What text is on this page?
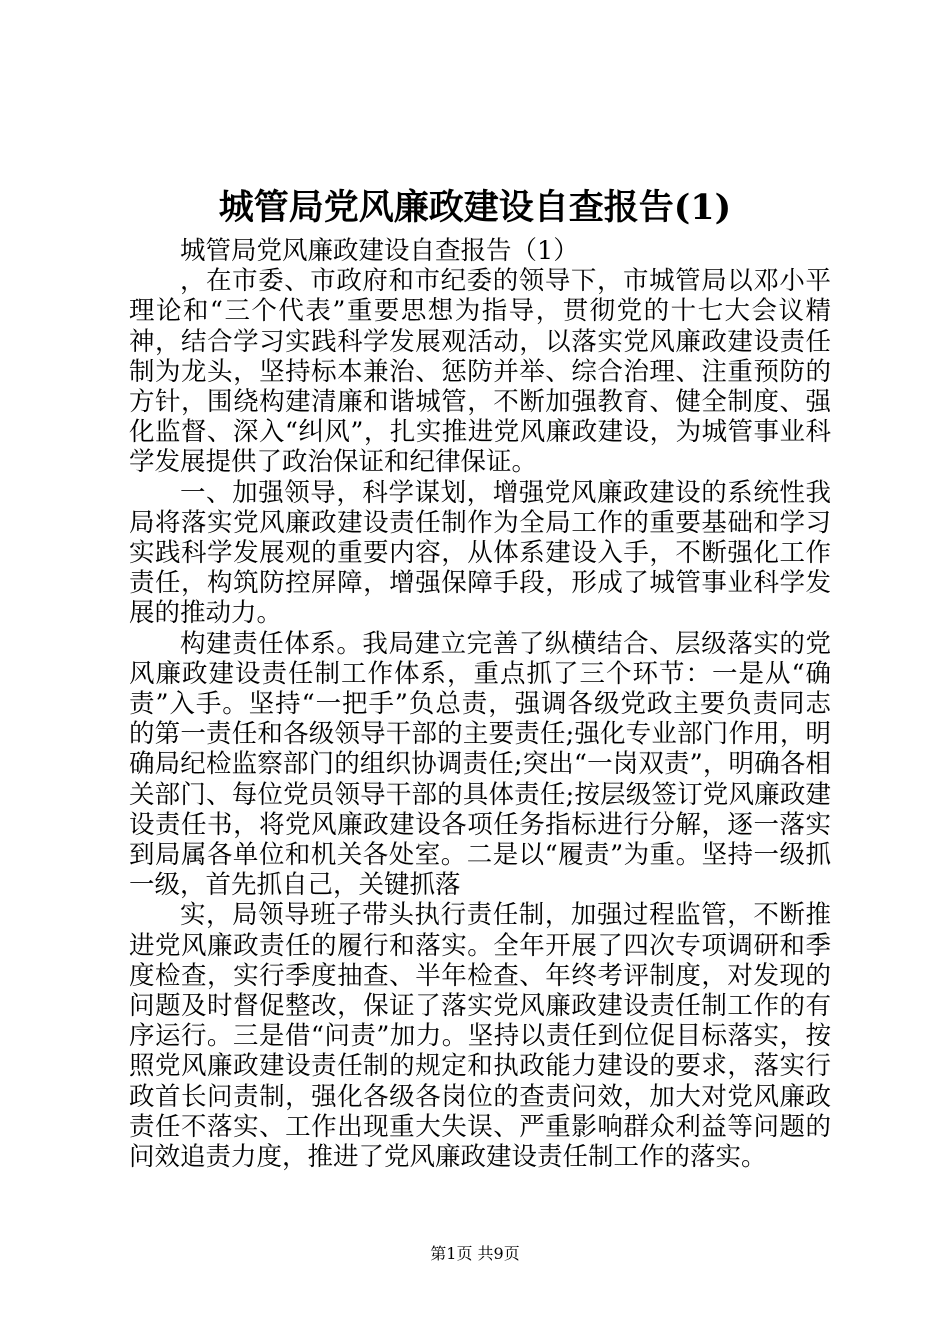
城管局党风廉政建设自查报告(1)

城管局党风廉政建设自查报告（1）

，在市委、市政府和市纪委的领导下，市城管局以邓小平理论和“三个代表”重要思想为指导，贯彻党的十七大会议精神，结合学习实践科学发展观活动，以落实党风廉政建设责任制为龙头，坚持标本兼治、惩防并举、综合治理、注重预防的方针，围绕构建清廉和谐城管，不断加强教育、健全制度、强化监督、深入“纠风”，扎实推进党风廉政建设，为城管事业科学发展提供了政治保证和纪律保证。

一、加强领导，科学谋划，增强党风廉政建设的系统性我局将落实党风廉政建设责任制作为全局工作的重要基础和学习实践科学发展观的重要内容，从体系建设入手，不断强化工作责任，构筑防控屏障，增强保障手段，形成了城管事业科学发展的推动力。

构建责任体系。我局建立完善了纵横结合、层级落实的党风廉政建设责任制工作体系，重点抓了三个环节：一是从“确责”入手。坚持“一把手”负总责，强调各级党政主要负责同志的第一责任和各级领导干部的主要责任;强化专业部门作用，明确局纪检监察部门的组织协调责任;突出“一岗双责”，明确各相关部门、每位党员领导干部的具体责任;按层级签订党风廉政建设责任书，将党风廉政建设各项任务指标进行分解，逐一落实到局属各单位和机关各处室。二是以“履责”为重。坚持一级抓一级，首先抓自己，关键抓落

实，局领导班子带头执行责任制，加强过程监管，不断推进党风廉政责任的履行和落实。全年开展了四次专项调研和季度检查，实行季度抽查、半年检查、年终考评制度，对发现的问题及时督促整改，保证了落实党风廉政建设责任制工作的有序运行。三是借“问责”加力。坚持以责任到位促目标落实，按照党风廉政建设责任制的规定和执政能力建设的要求，落实行政首长问责制，强化各级各岗位的查责问效，加大对党风廉政责任不落实、工作出现重大失误、严重影响群众利益等问题的问效追责力度，推进了党风廉政建设责任制工作的落实。

第1页 共9页
